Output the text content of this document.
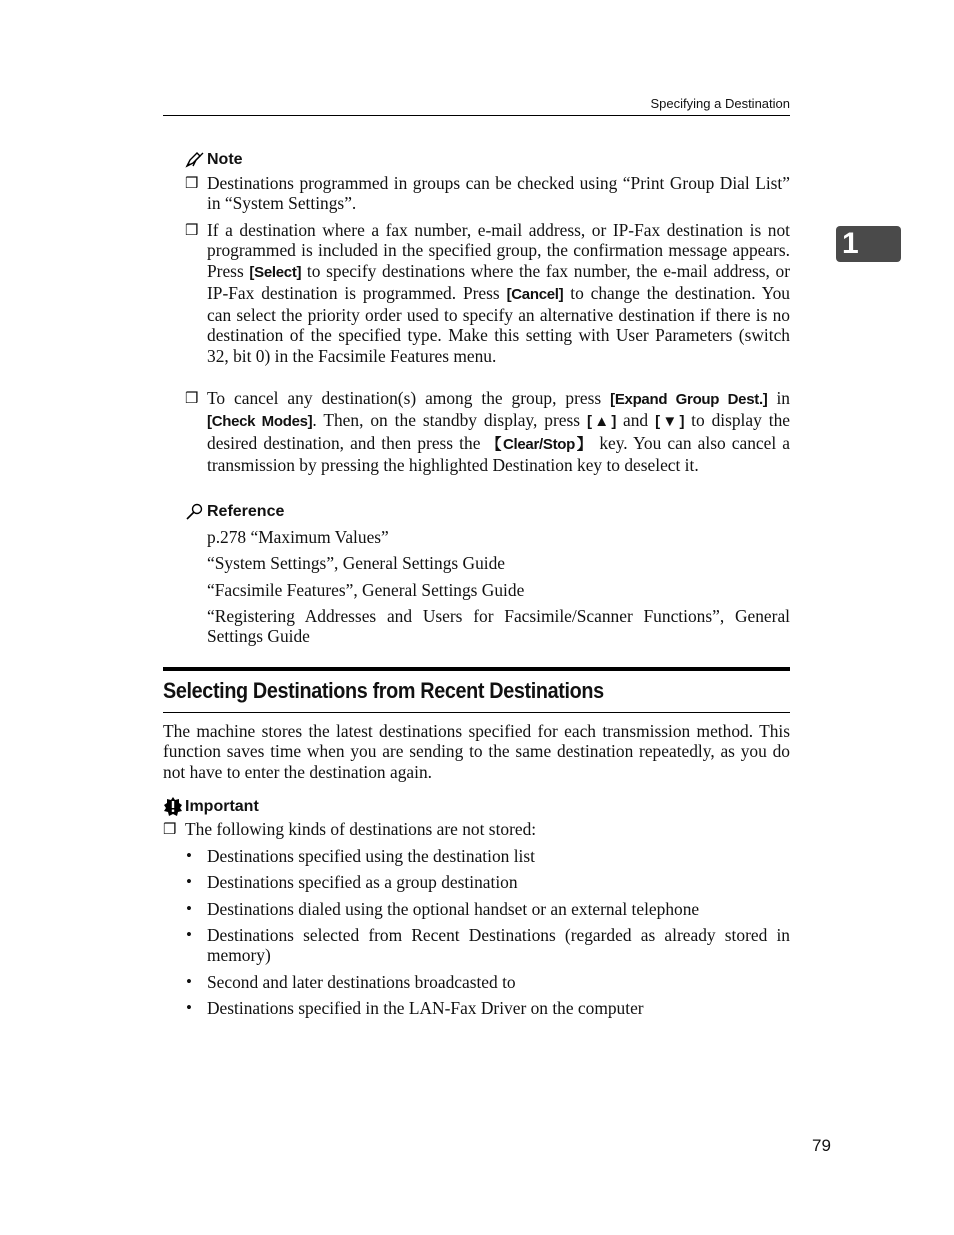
Specifying a Destination
1
Note
❒ Destinations programmed in groups can be checked using “Print Group Dial List” in “System Settings”.

❒ If a destination where a fax number, e-mail address, or IP-Fax destination is not programmed is included in the specified group, the confirmation message appears. Press [Select] to specify destinations where the fax number, the e-mail address, or IP-Fax destination is programmed. Press [Cancel] to change the destination. You can select the priority order used to specify an alternative destination if there is no destination of the specified type. Make this setting with User Parameters (switch 32, bit 0) in the Facsimile Features menu.

❒ To cancel any destination(s) among the group, press [Expand Group Dest.] in [Check Modes]. Then, on the standby display, press [▲] and [▼] to display the desired destination, and then press the 【Clear/Stop】 key. You can also cancel a transmission by pressing the highlighted Destination key to deselect it.

Reference

p.278 “Maximum Values”

“System Settings”, General Settings Guide

“Facsimile Features”, General Settings Guide

“Registering Addresses and Users for Facsimile/Scanner Functions”, General Settings Guide

Selecting Destinations from Recent Destinations

The machine stores the latest destinations specified for each transmission method. This function saves time when you are sending to the same destination repeatedly, as you do not have to enter the destination again.

Important
❒ The following kinds of destinations are not stored:

• Destinations specified using the destination list

• Destinations specified as a group destination

• Destinations dialed using the optional handset or an external telephone

• Destinations selected from Recent Destinations (regarded as already stored in memory)

• Second and later destinations broadcasted to

• Destinations specified in the LAN-Fax Driver on the computer

79
